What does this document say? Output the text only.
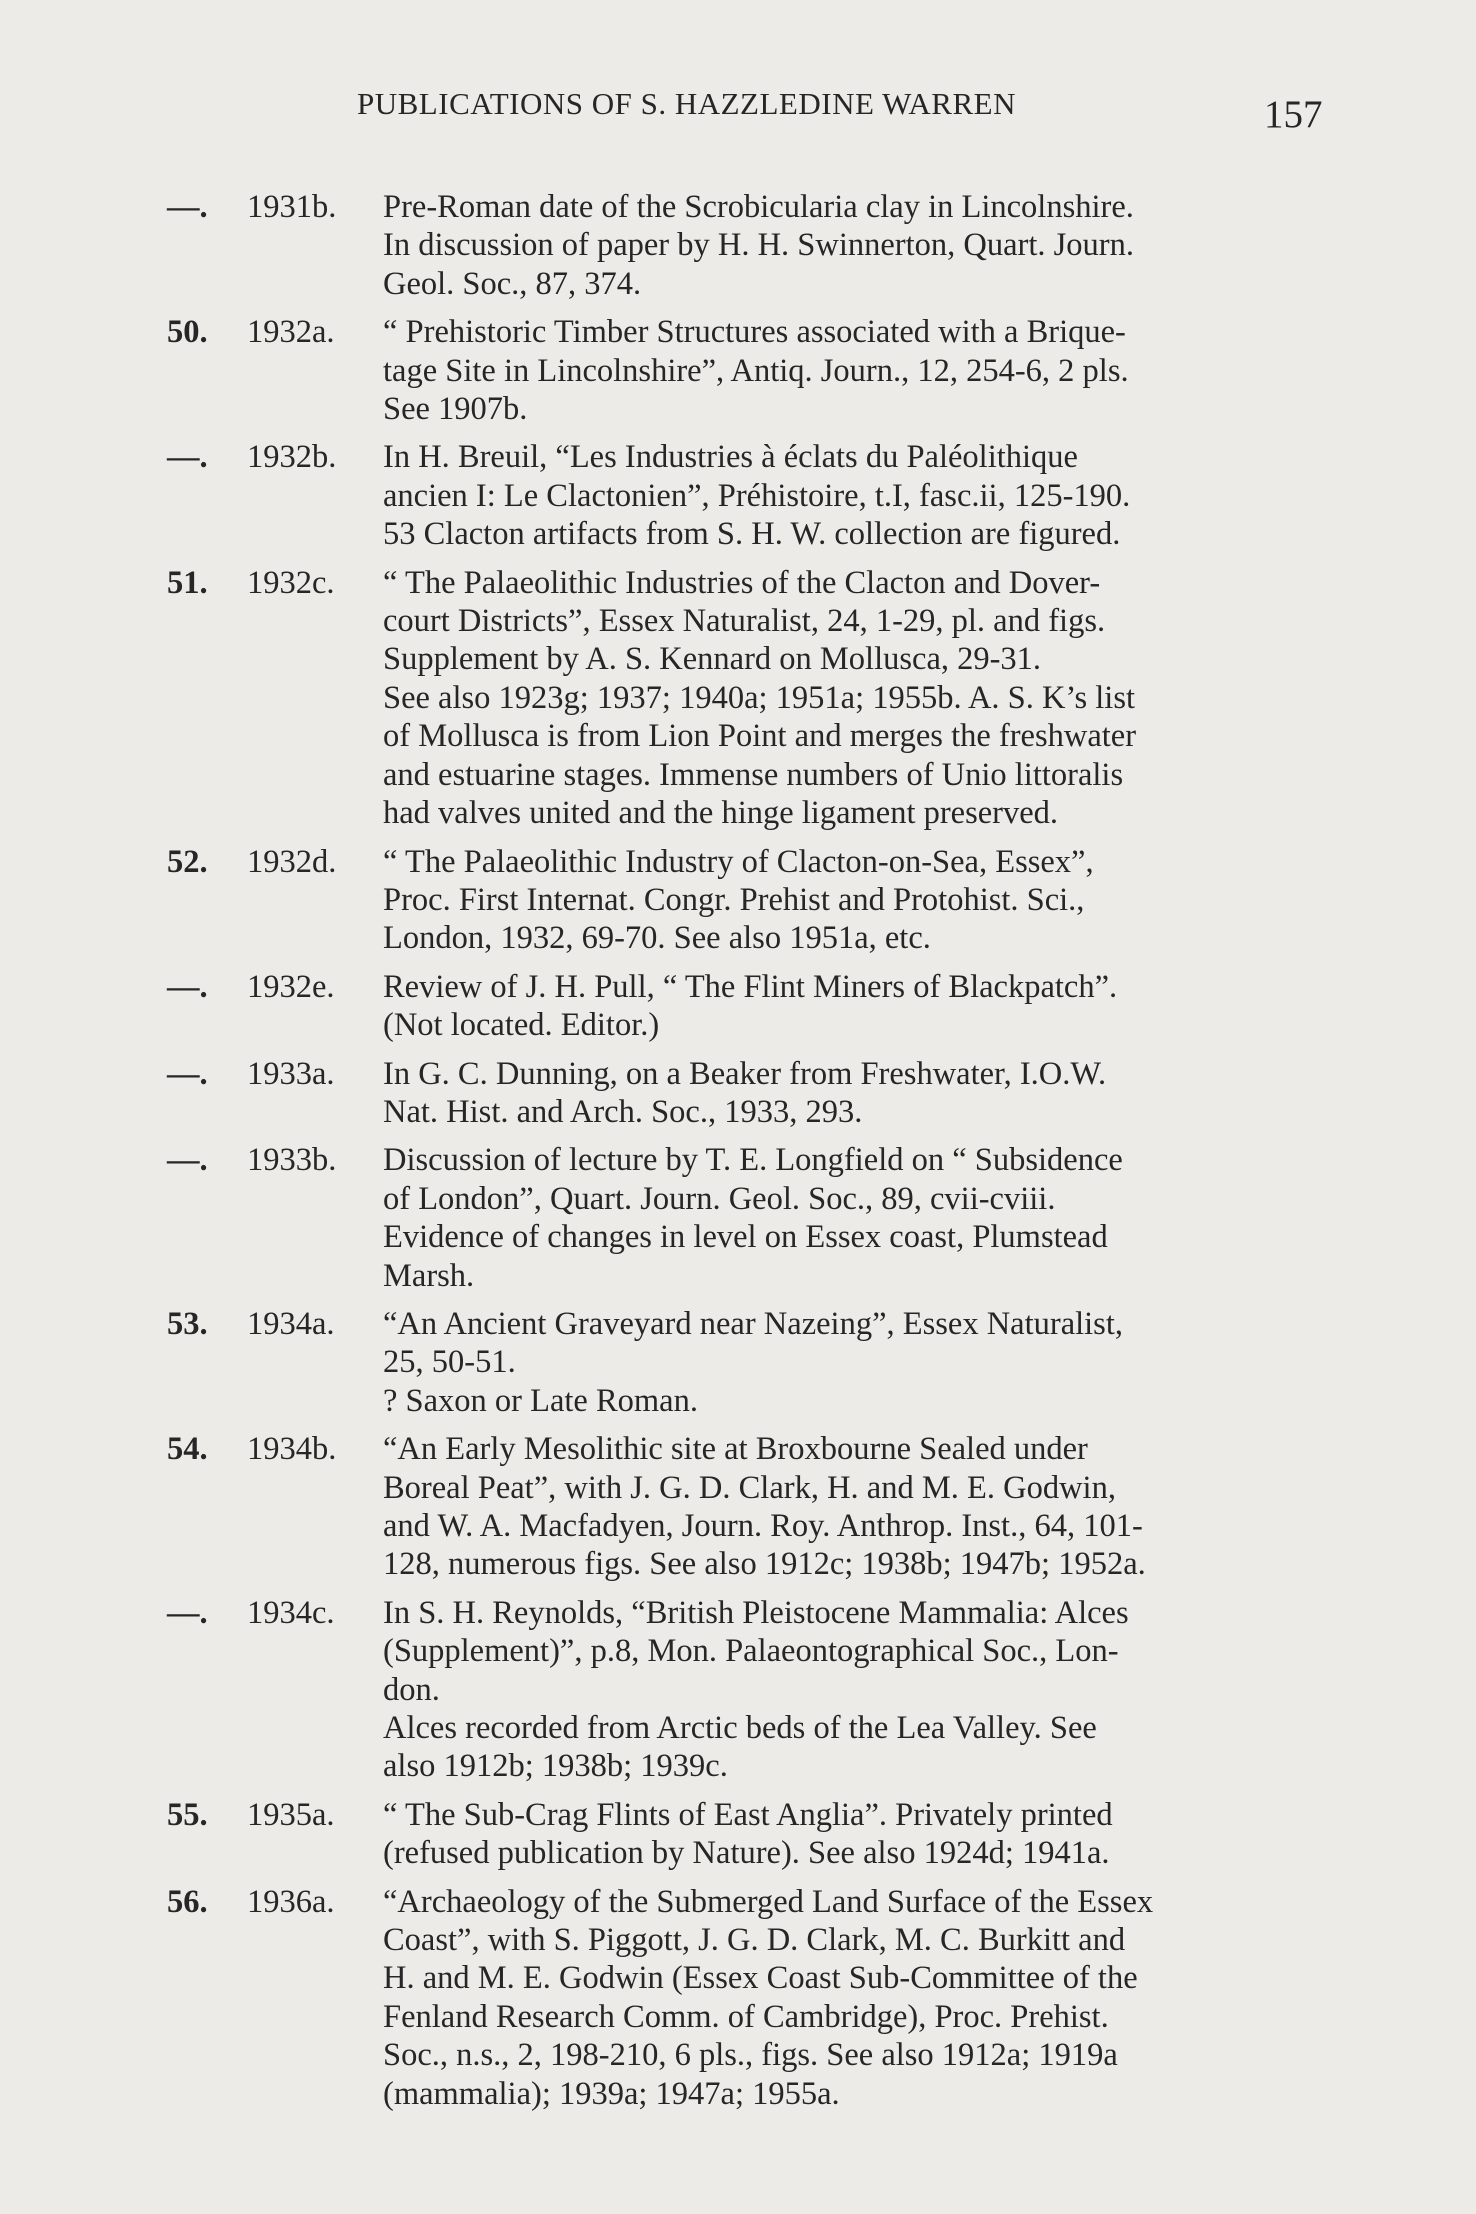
PUBLICATIONS OF S. HAZZLEDINE WARREN	157
—. 1931b. Pre-Roman date of the Scrobicularia clay in Lincolnshire.

In discussion of paper by H. H. Swinnerton, Quart. Journ.

Geol. Soc., 87, 374.

50. 1932a. “ Prehistoric Timber Structures associated with a Brique-

tage Site in Lincolnshire”, Antiq. Journ., 12, 254-6, 2 pls.

See 1907b.

—. 1932b. In H. Breuil, “Les Industries à éclats du Paléolithique

ancien I: Le Clactonien”, Préhistoire, t.I, fasc.ii, 125-190.

53 Clacton artifacts from S. H. W. collection are figured.

51. 1932c. “ The Palaeolithic Industries of the Clacton and Dover-

court Districts”, Essex Naturalist, 24, 1-29, pl. and figs.

Supplement by A. S. Kennard on Mollusca, 29-31.

See also 1923g; 1937; 1940a; 1951a; 1955b. A. S. K’s list

of Mollusca is from Lion Point and merges the freshwater

and estuarine stages. Immense numbers of Unio littoralis

had valves united and the hinge ligament preserved.

52. 1932d. “ The Palaeolithic Industry of Clacton-on-Sea, Essex”,

Proc. First Internat. Congr. Prehist and Protohist. Sci.,

London, 1932, 69-70. See also 1951a, etc.

—. 1932e. Review of J. H. Pull, “ The Flint Miners of Blackpatch”.

(Not located. Editor.)

—. 1933a. In G. C. Dunning, on a Beaker from Freshwater, I.O.W.

Nat. Hist. and Arch. Soc., 1933, 293.

—. 1933b. Discussion of lecture by T. E. Longfield on “ Subsidence

of London”, Quart. Journ. Geol. Soc., 89, cvii-cviii.

Evidence of changes in level on Essex coast, Plumstead

Marsh.

53. 1934a. “An Ancient Graveyard near Nazeing”, Essex Naturalist,

25, 50-51.

? Saxon or Late Roman.

54. 1934b. “An Early Mesolithic site at Broxbourne Sealed under

Boreal Peat”, with J. G. D. Clark, H. and M. E. Godwin,

and W. A. Macfadyen, Journ. Roy. Anthrop. Inst., 64, 101-

128, numerous figs. See also 1912c; 1938b; 1947b; 1952a.

—. 1934c. In S. H. Reynolds, “British Pleistocene Mammalia: Alces

(Supplement)”, p.8, Mon. Palaeontographical Soc., Lon-

don.

Alces recorded from Arctic beds of the Lea Valley. See

also 1912b; 1938b; 1939c.

55. 1935a. “ The Sub-Crag Flints of East Anglia”. Privately printed

(refused publication by Nature). See also 1924d; 1941a.

56. 1936a. “Archaeology of the Submerged Land Surface of the Essex

Coast”, with S. Piggott, J. G. D. Clark, M. C. Burkitt and

H. and M. E. Godwin (Essex Coast Sub-Committee of the

Fenland Research Comm. of Cambridge), Proc. Prehist.

Soc., n.s., 2, 198-210, 6 pls., figs. See also 1912a; 1919a

(mammalia); 1939a; 1947a; 1955a.
